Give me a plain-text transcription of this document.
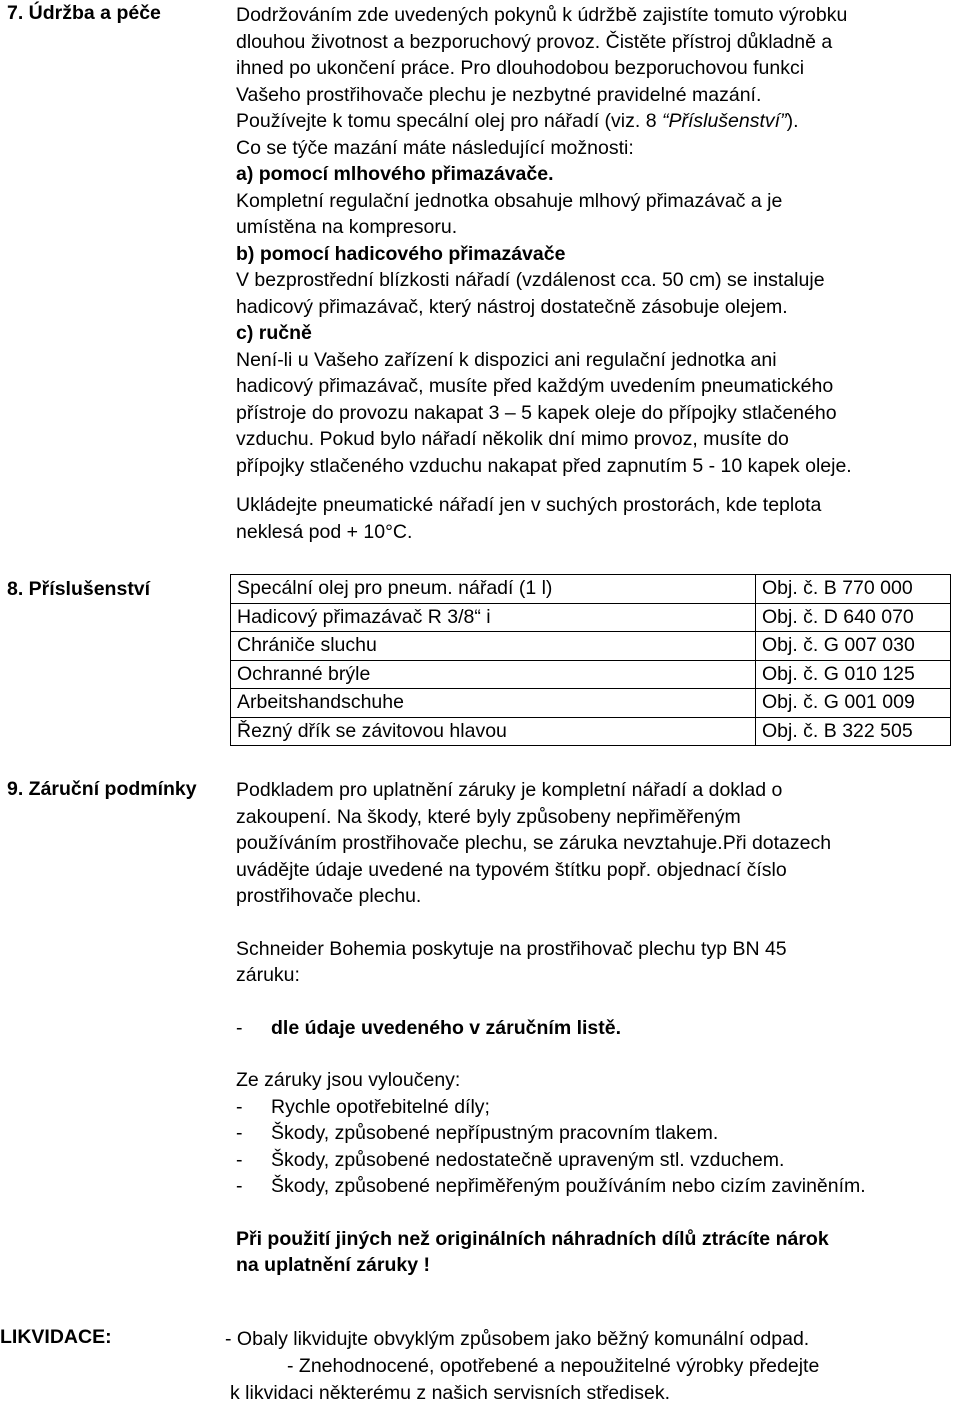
7. Údržba a péče	Dodržováním zde uvedených pokynů k údržbě zajistíte tomuto výrobku

dlouhou životnost a bezporuchový provoz. Čistěte přístroj důkladně a

ihned po ukončení práce. Pro dlouhodobou bezporuchovou funkci

Vašeho prostřihovače plechu je nezbytné pravidelné mazání.

Používejte k tomu specální olej pro nářadí (viz. 8 “Příslušenství”).

Co se týče mazání máte následující možnosti:

a) pomocí mlhového přimazávače.

Kompletní regulační jednotka obsahuje mlhový přimazávač a je

umístěna na kompresoru.

b) pomocí hadicového přimazávače

V bezprostřední blízkosti nářadí (vzdálenost cca. 50 cm) se instaluje

hadicový přimazávač, který nástroj dostatečně zásobuje olejem.

c) ručně

Není-li u Vašeho zařízení k dispozici ani regulační jednotka ani

hadicový přimazávač, musíte před každým uvedením pneumatického

přístroje do provozu nakapat 3 – 5 kapek oleje do přípojky stlačeného

vzduchu. Pokud bylo nářadí několik dní mimo provoz, musíte do

přípojky stlačeného vzduchu nakapat před zapnutím 5 - 10 kapek oleje.

Ukládejte pneumatické nářadí jen v suchých prostorách, kde teplota

neklesá pod + 10°C.

8. Příslušenství	Specální olej pro pneum. nářadí (1 l)	Obj. č. B 770 000
Hadicový přimazávač R 3/8“ i	Obj. č. D 640 070
Chrániče sluchu	Obj. č. G 007 030
Ochranné brýle	Obj. č. G 010 125
Arbeitshandschuhe	Obj. č. G 001 009
Řezný dřík se závitovou hlavou	Obj. č. B 322 505
9. Záruční podmínky Podkladem pro uplatnění záruky je kompletní nářadí a doklad o

zakoupení. Na škody, které byly způsobeny nepřiměřeným

používáním prostřihovače plechu, se záruka nevztahuje.Při dotazech

uvádějte údaje uvedené na typovém štítku popř. objednací číslo

prostřihovače plechu.

Schneider Bohemia poskytuje na prostřihovač plechu typ BN 45

záruku:

-	dle údaje uvedeného v záručním listě.

Ze záruky jsou vyloučeny:

-	Rychle opotřebitelné díly;
-	Škody, způsobené nepřípustným pracovním tlakem.
-	Škody, způsobené nedostatečně upraveným stl. vzduchem.
-	Škody, způsobené nepřiměřeným používáním nebo cizím zaviněním.

Při použití jiných než originálních náhradních dílů ztrácíte nárok

na uplatnění záruky !

LIKVIDACE:	- Obaly likvidujte obvyklým způsobem jako běžný komunální odpad.
- Znehodnocené, opotřebené a nepoužitelné výrobky předejte
k likvidaci některému z našich servisních středisek.
